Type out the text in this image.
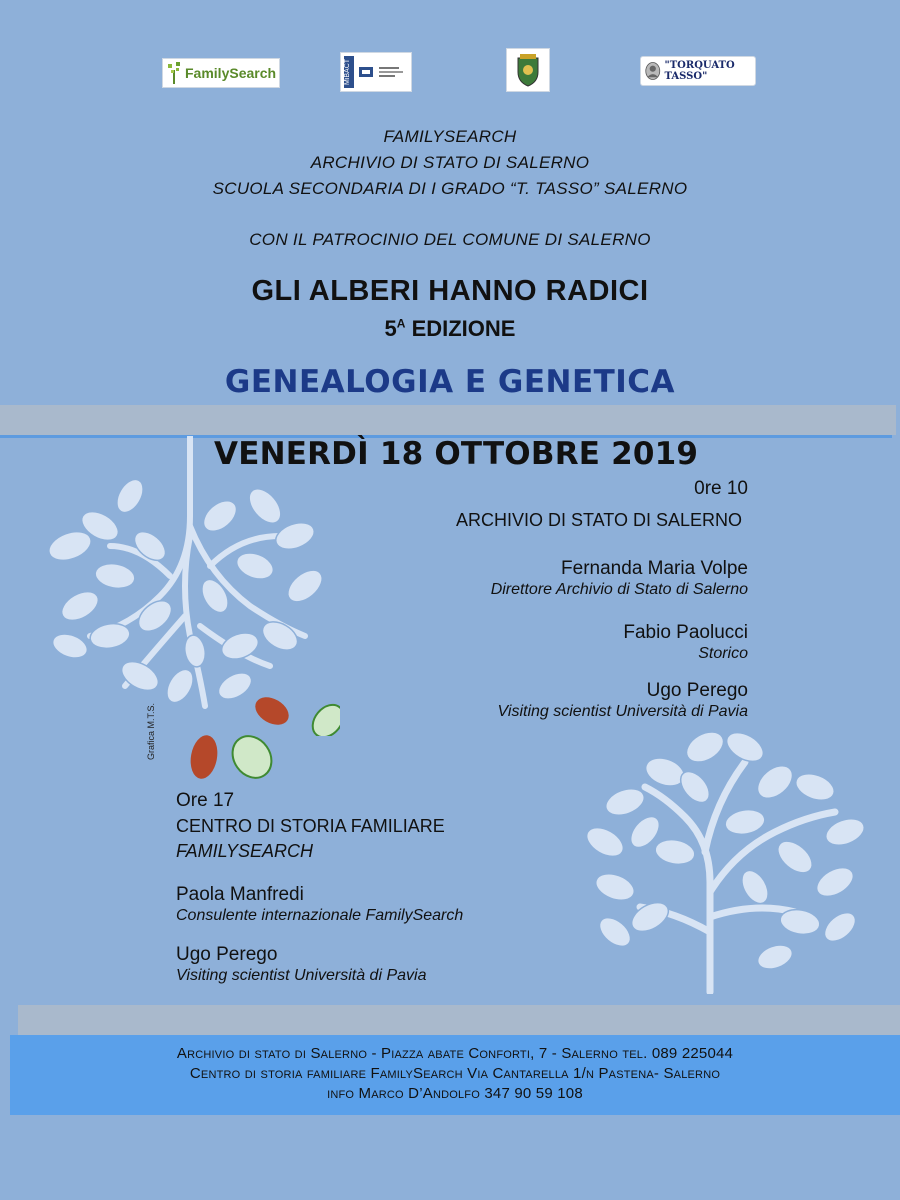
FamilySearch	MiBACT	"TORQUATO TASSO"
FAMILYSEARCH
ARCHIVIO DI STATO DI SALERNO
SCUOLA SECONDARIA DI I GRADO “T. TASSO” SALERNO
CON IL PATROCINIO DEL COMUNE DI SALERNO
GLI ALBERI HANNO RADICI
$5^A$ EDIZIONE
GENEALOGIA E GENETICA
VENERDÌ 18 OTTOBRE 2019
0re 10
ARCHIVIO DI STATO DI SALERNO
Fernanda Maria Volpe
Direttore Archivio di Stato di Salerno
Fabio Paolucci
Storico
Ugo Perego
Visiting scientist Università di Pavia
Grafica M.T.S.
Ore 17
CENTRO DI STORIA FAMILIARE
FAMILYSEARCH
Paola Manfredi
Consulente internazionale FamilySearch
Ugo Perego
Visiting scientist Università di Pavia
Archivio di stato di Salerno - Piazza abate Conforti, 7 - Salerno tel. 089 225044
Centro di storia familiare FamilySearch Via Cantarella 1/n Pastena- Salerno
info Marco D’Andolfo 347 90 59 108
